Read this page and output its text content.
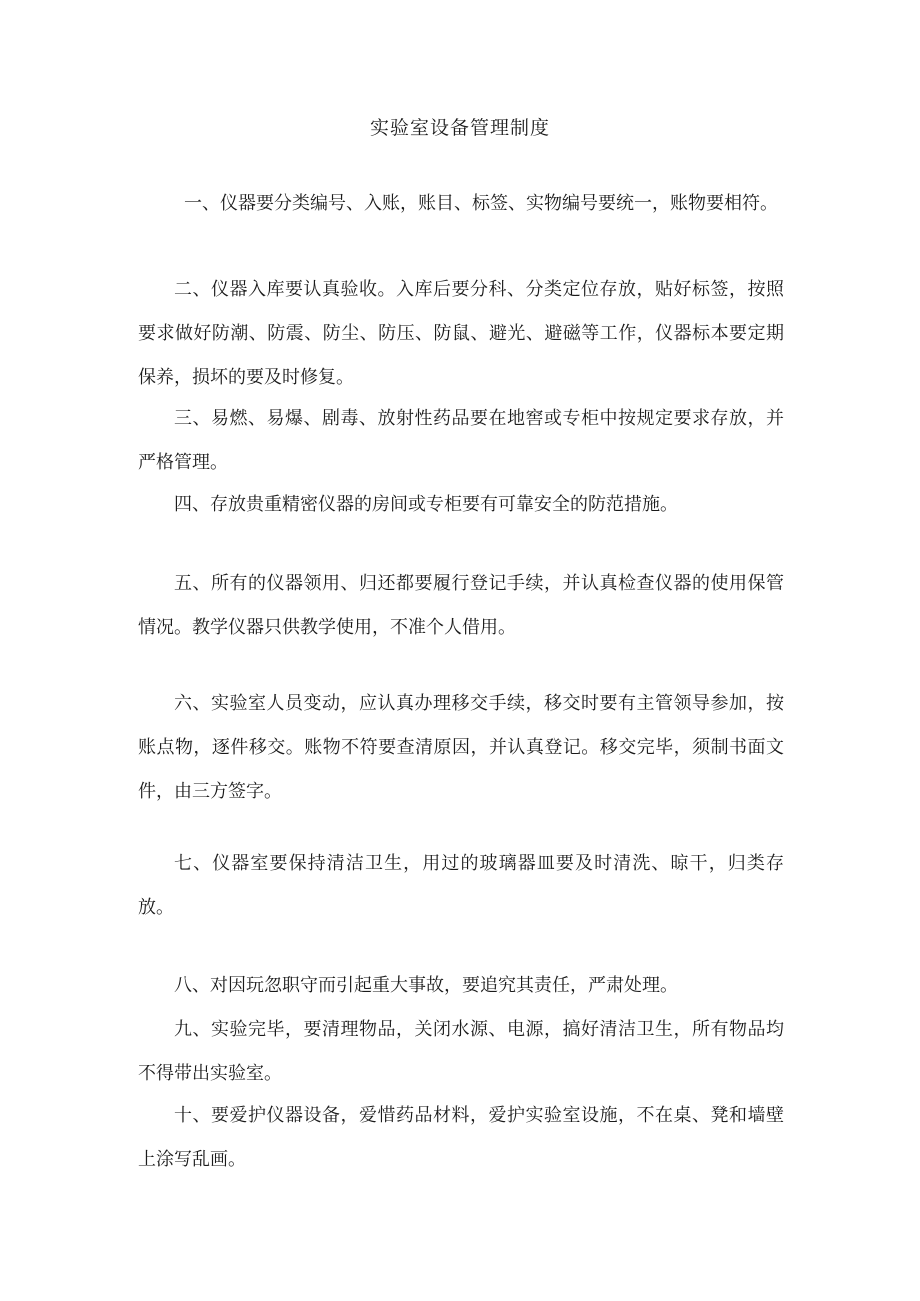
实验室设备管理制度

一、仪器要分类编号、入账，账目、标签、实物编号要统一，账物要相符。

二、仪器入库要认真验收。入库后要分科、分类定位存放，贴好标签，按照要求做好防潮、防震、防尘、防压、防鼠、避光、避磁等工作，仪器标本要定期保养，损坏的要及时修复。

三、易燃、易爆、剧毒、放射性药品要在地窖或专柜中按规定要求存放，并严格管理。

四、存放贵重精密仪器的房间或专柜要有可靠安全的防范措施。

五、所有的仪器领用、归还都要履行登记手续，并认真检查仪器的使用保管情况。教学仪器只供教学使用，不准个人借用。

六、实验室人员变动，应认真办理移交手续，移交时要有主管领导参加，按账点物，逐件移交。账物不符要查清原因，并认真登记。移交完毕，须制书面文件，由三方签字。

七、仪器室要保持清洁卫生，用过的玻璃器皿要及时清洗、晾干，归类存放。

八、对因玩忽职守而引起重大事故，要追究其责任，严肃处理。

九、实验完毕，要清理物品，关闭水源、电源，搞好清洁卫生，所有物品均不得带出实验室。

十、要爱护仪器设备，爱惜药品材料，爱护实验室设施，不在桌、凳和墙壁上涂写乱画。
